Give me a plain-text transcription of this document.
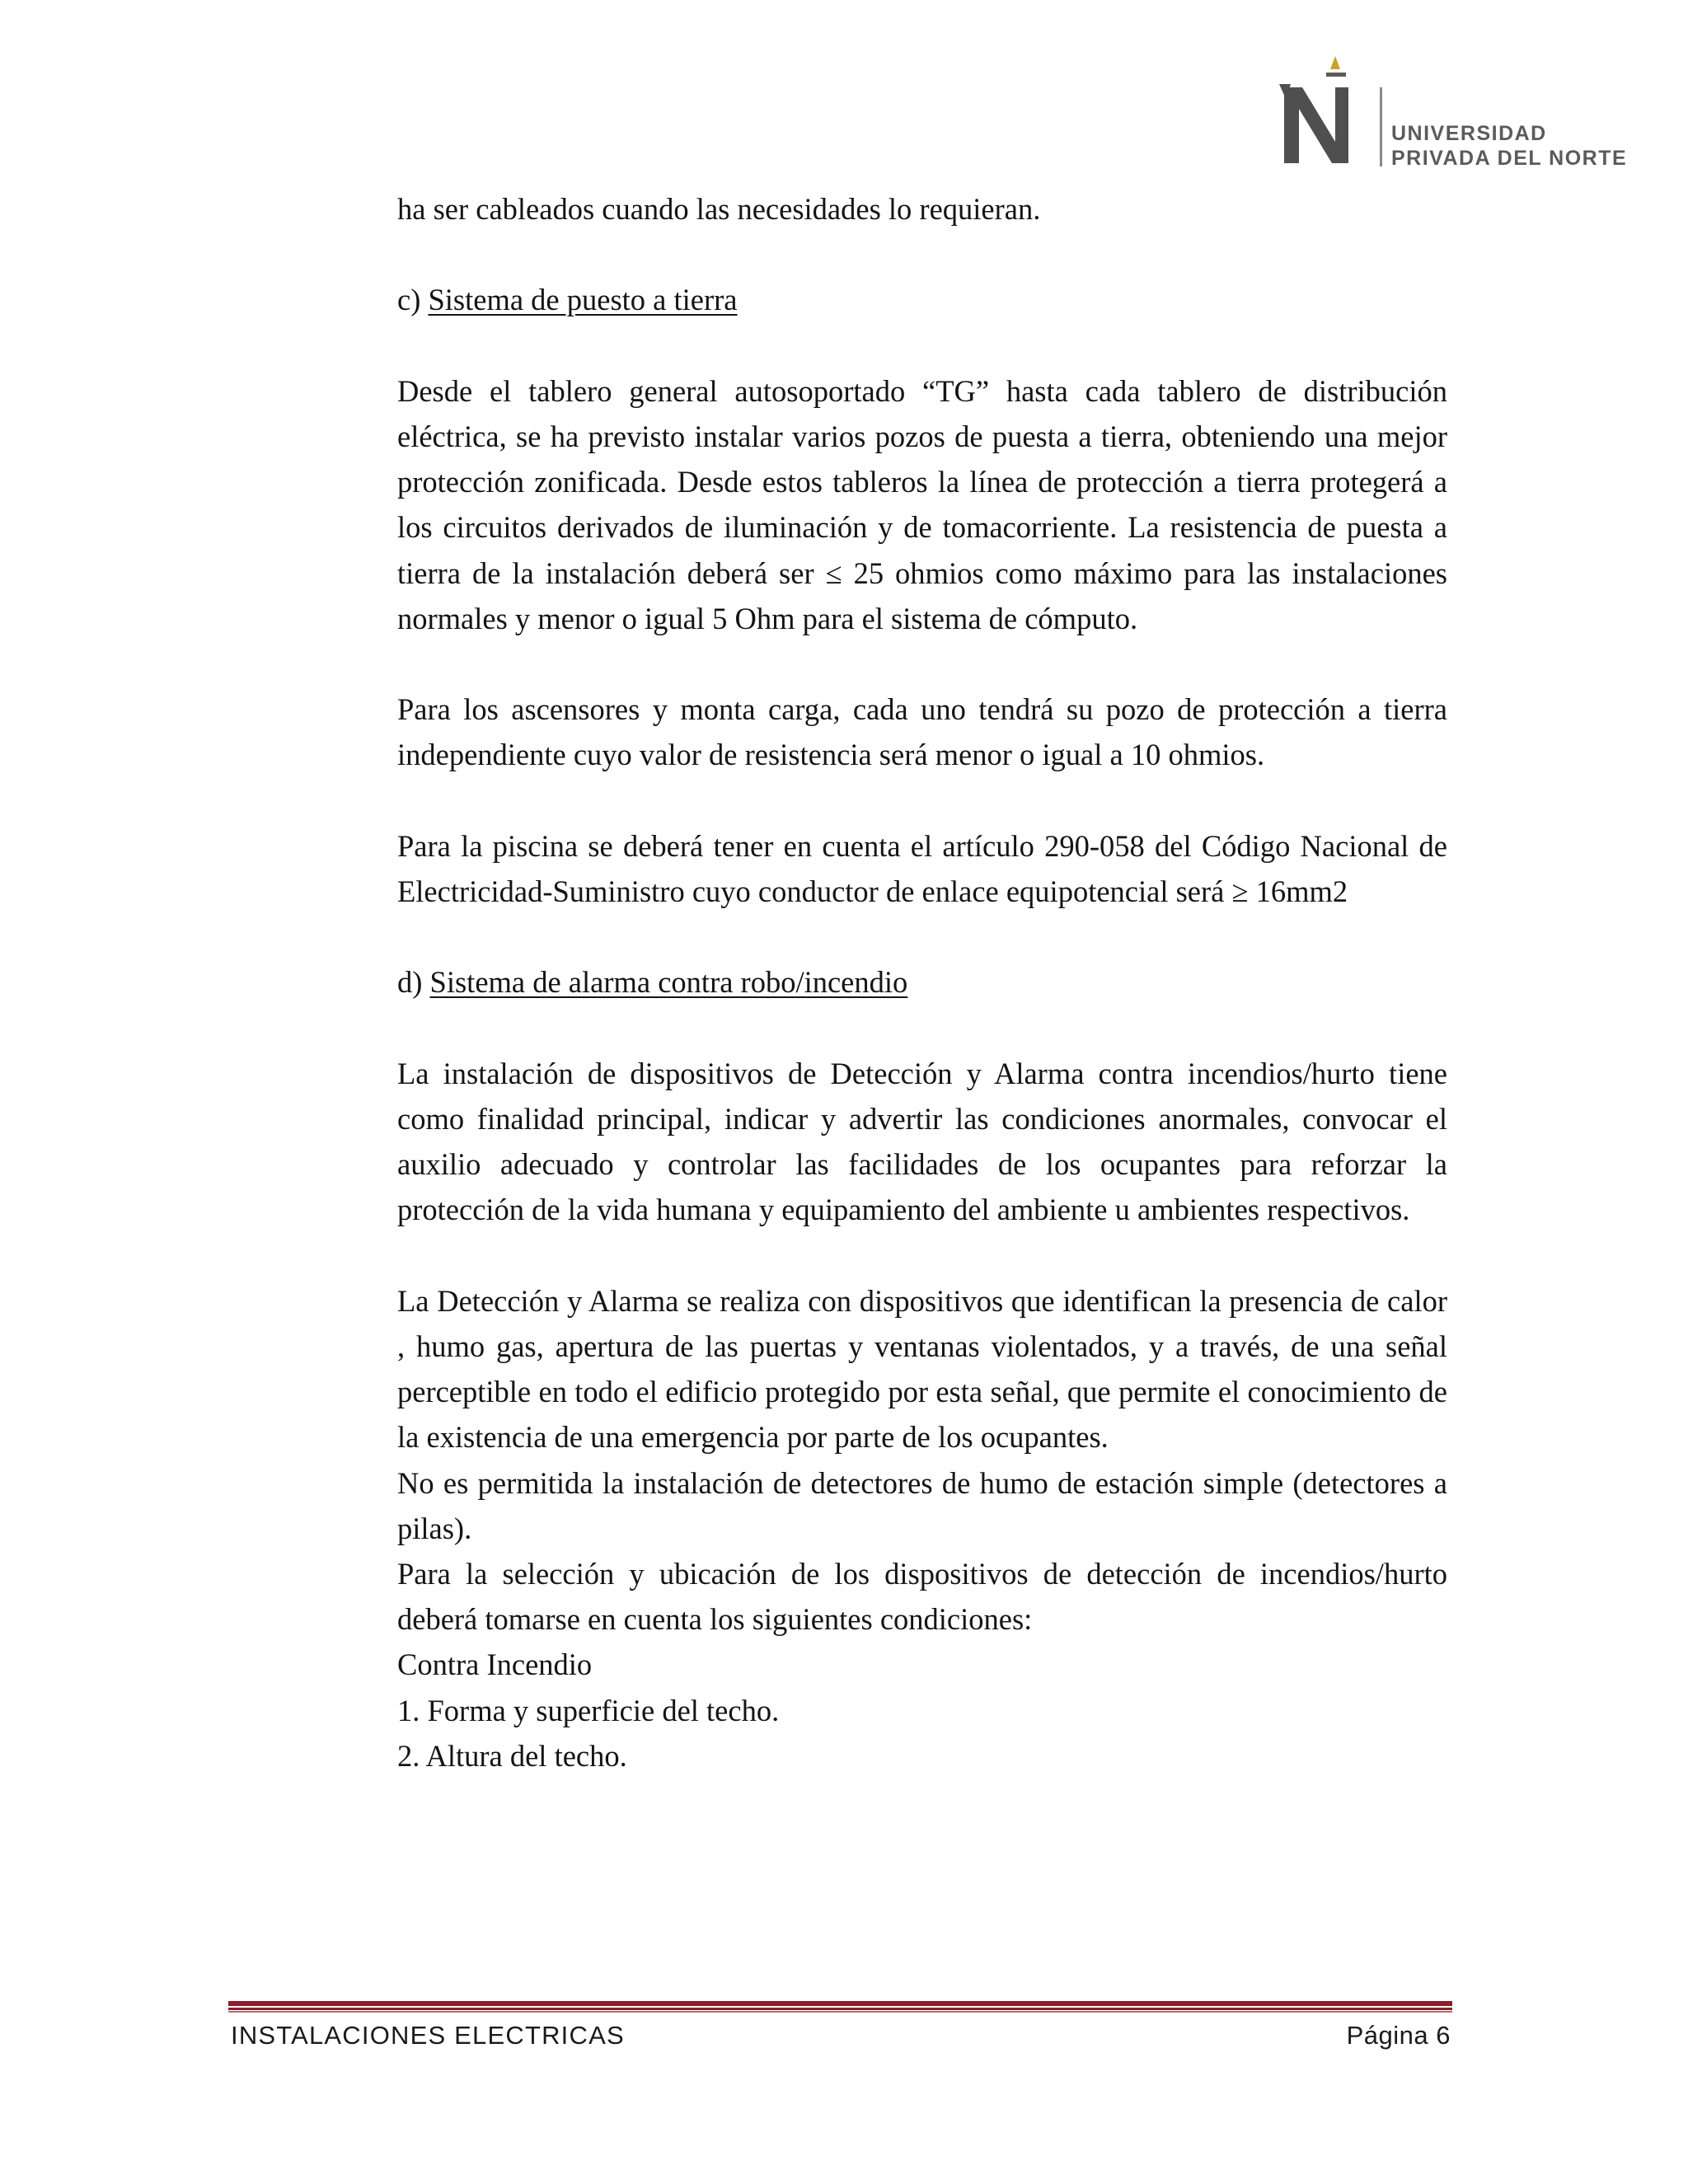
UNIVERSIDAD
PRIVADA DEL NORTE

ha ser cableados cuando las necesidades lo requieran.

c) Sistema de puesto a tierra

Desde el tablero general autosoportado “TG” hasta cada tablero de distribución eléctrica, se ha previsto instalar varios pozos de puesta a tierra, obteniendo una mejor protección zonificada. Desde estos tableros la línea de protección a tierra protegerá a los circuitos derivados de iluminación y de tomacorriente. La resistencia de puesta a tierra de la instalación deberá ser ≤ 25 ohmios como máximo para las instalaciones normales y menor o igual 5 Ohm para el sistema de cómputo.

Para los ascensores y monta carga, cada uno tendrá su pozo de protección a tierra independiente cuyo valor de resistencia será menor o igual a 10 ohmios.

Para la piscina se deberá tener en cuenta el artículo 290-058 del Código Nacional de Electricidad-Suministro cuyo conductor de enlace equipotencial será ≥ 16mm2

d) Sistema de alarma contra robo/incendio

La instalación de dispositivos de Detección y Alarma contra incendios/hurto tiene como finalidad principal, indicar y advertir las condiciones anormales, convocar el auxilio adecuado y controlar las facilidades de los ocupantes para reforzar la protección de la vida humana y equipamiento del ambiente u ambientes respectivos.

La Detección y Alarma se realiza con dispositivos que identifican la presencia de calor , humo gas, apertura de las puertas y ventanas violentados, y a través, de una señal perceptible en todo el edificio protegido por esta señal, que permite el conocimiento de la existencia de una emergencia por parte de los ocupantes.

No es permitida la instalación de detectores de humo de estación simple (detectores a pilas).

Para la selección y ubicación de los dispositivos de detección de incendios/hurto deberá tomarse en cuenta los siguientes condiciones:

Contra Incendio

1. Forma y superficie del techo.

2. Altura del techo.

INSTALACIONES ELECTRICAS	Página 6
